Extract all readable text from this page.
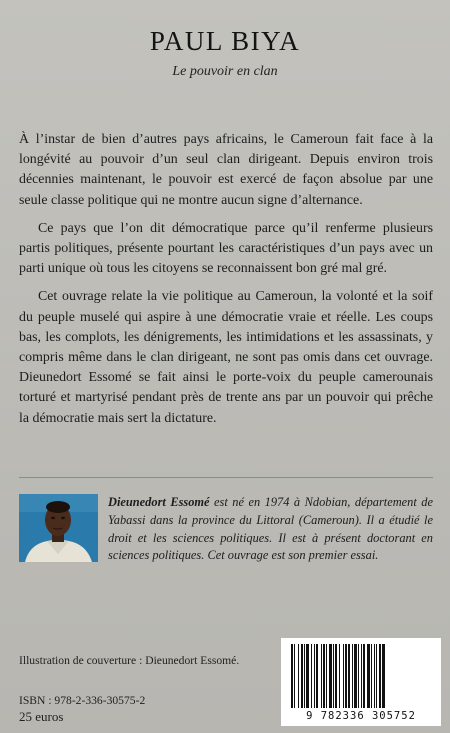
PAUL BIYA
Le pouvoir en clan

À l’instar de bien d’autres pays africains, le Cameroun fait face à la longévité au pouvoir d’un seul clan dirigeant. Depuis environ trois décennies maintenant, le pouvoir est exercé de façon absolue par une seule classe politique qui ne montre aucun signe d’alternance.

Ce pays que l’on dit démocratique parce qu’il renferme plusieurs partis politiques, présente pourtant les caractéristiques d’un pays avec un parti unique où tous les citoyens se reconnaissent bon gré mal gré.

Cet ouvrage relate la vie politique au Cameroun, la volonté et la soif du peuple muselé qui aspire à une démocratie vraie et réelle. Les coups bas, les complots, les dénigrements, les intimidations et les assassinats, y compris même dans le clan dirigeant, ne sont pas omis dans cet ouvrage. Dieunedort Essomé se fait ainsi le porte-voix du peuple camerounais torturé et martyrisé pendant près de trente ans par un pouvoir qui prêche la démocratie mais sert la dictature.

Dieunedort Essomé est né en 1974 à Ndobian, département de Yabassi dans la province du Littoral (Cameroun). Il a étudié le droit et les sciences politiques. Il est à présent doctorant en sciences politiques. Cet ouvrage est son premier essai.
Illustration de couverture : Dieunedort Essomé.
ISBN : 978-2-336-30575-2
25 euros	9 782336 305752
